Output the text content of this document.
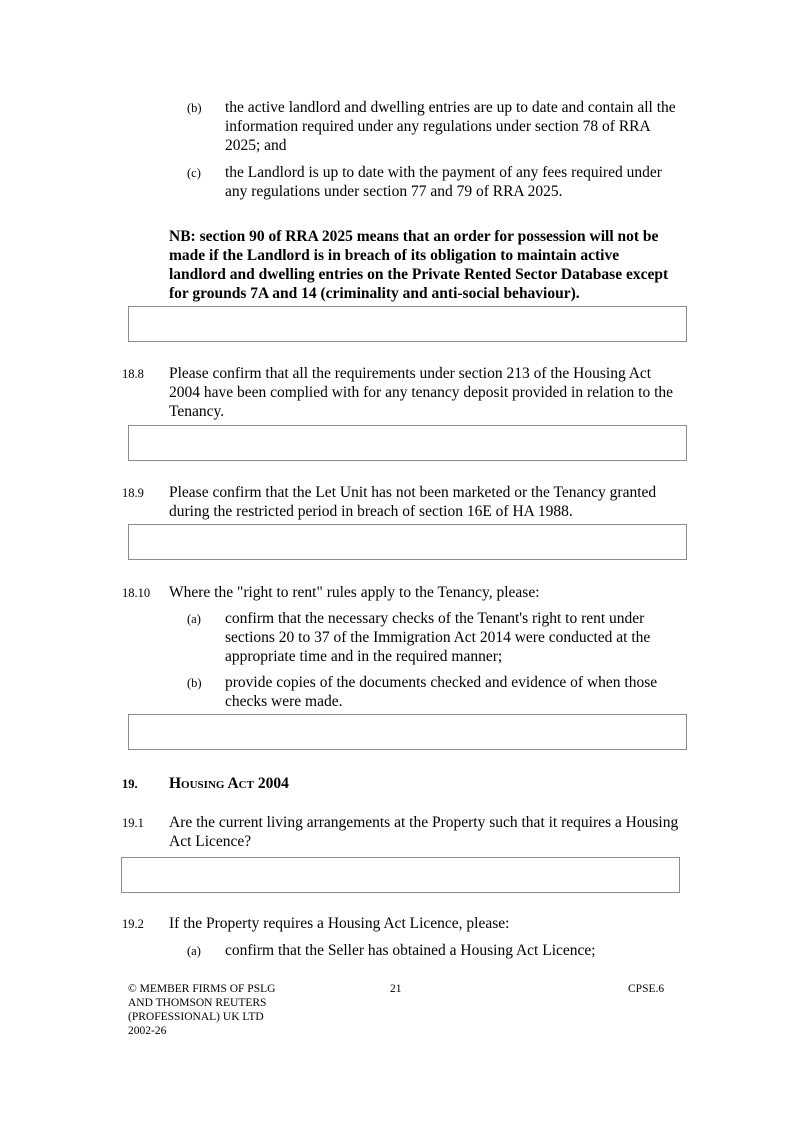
(b) the active landlord and dwelling entries are up to date and contain all the information required under any regulations under section 78 of RRA 2025; and
(c) the Landlord is up to date with the payment of any fees required under any regulations under section 77 and 79 of RRA 2025.
NB: section 90 of RRA 2025 means that an order for possession will not be made if the Landlord is in breach of its obligation to maintain active landlord and dwelling entries on the Private Rented Sector Database except for grounds 7A and 14 (criminality and anti-social behaviour).
18.8 Please confirm that all the requirements under section 213 of the Housing Act 2004 have been complied with for any tenancy deposit provided in relation to the Tenancy.
18.9 Please confirm that the Let Unit has not been marketed or the Tenancy granted during the restricted period in breach of section 16E of HA 1988.
18.10 Where the "right to rent" rules apply to the Tenancy, please:
(a) confirm that the necessary checks of the Tenant's right to rent under sections 20 to 37 of the Immigration Act 2014 were conducted at the appropriate time and in the required manner;
(b) provide copies of the documents checked and evidence of when those checks were made.
19. Housing Act 2004
19.1 Are the current living arrangements at the Property such that it requires a Housing Act Licence?
19.2 If the Property requires a Housing Act Licence, please:
(a) confirm that the Seller has obtained a Housing Act Licence;
© MEMBER FIRMS OF PSLG AND THOMSON REUTERS (PROFESSIONAL) UK LTD 2002-26
21	CPSE.6
